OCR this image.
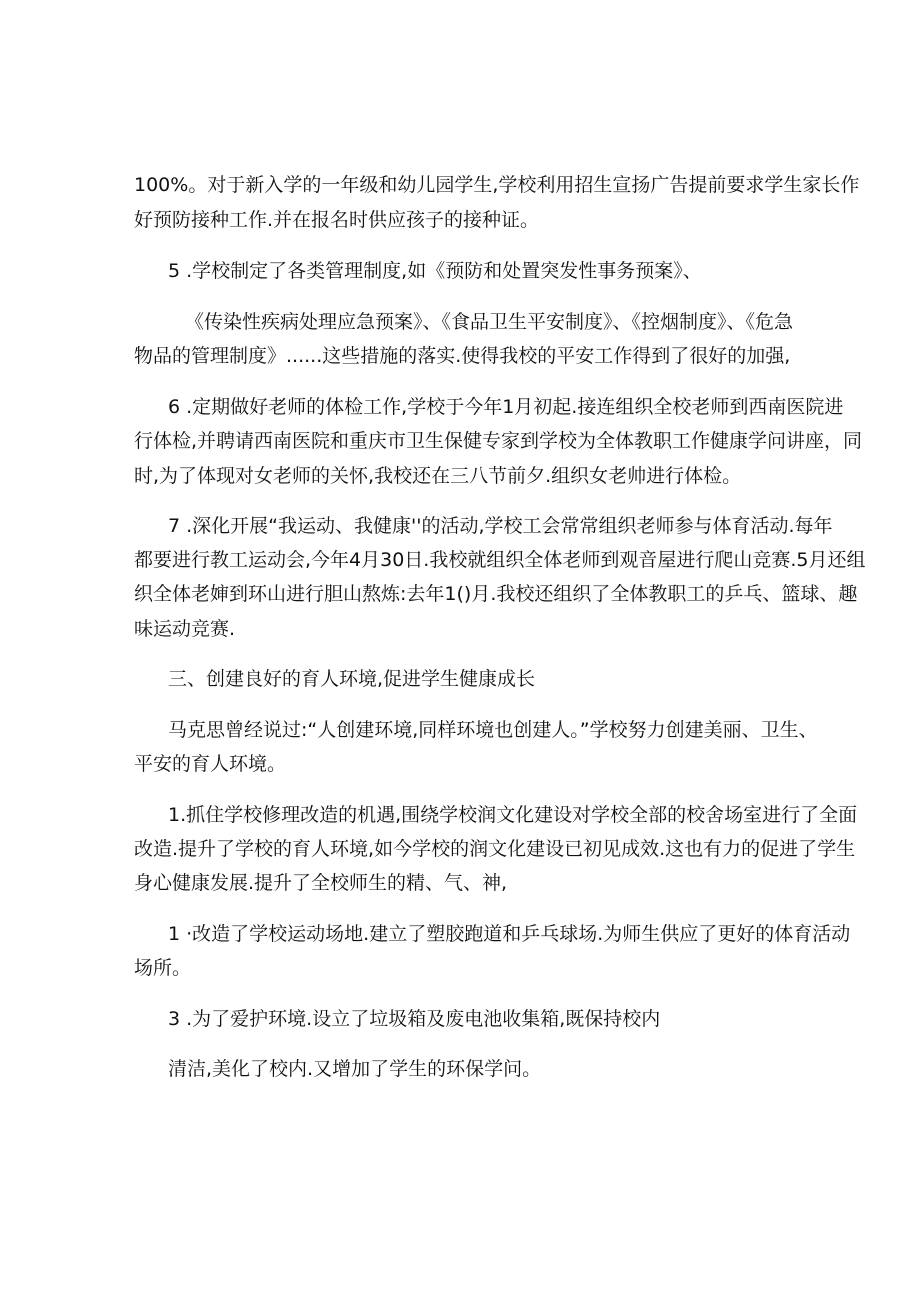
100%。对于新入学的一年级和幼儿园学生,学校利用招生宣扬广告提前要求学生家长作
好预防接种工作.并在报名时供应孩子的接种证。
5 .学校制定了各类管理制度,如《预防和处置突发性事务预案》、
《传染性疾病处理应急预案》、《食品卫生平安制度》、《控烟制度》、《危急
物品的管理制度》......这些措施的落实.使得我校的平安工作得到了很好的加强,
6 .定期做好老师的体检工作,学校于今年1月初起.接连组织全校老师到西南医院进
行体检,并聘请西南医院和重庆市卫生保健专家到学校为全体教职工作健康学问讲座，同
时,为了体现对女老师的关怀,我校还在三八节前夕.组织女老帅进行体检。
7 .深化开展“我运动、我健康''的活动,学校工会常常组织老师参与体育活动.每年
都要进行教工运动会,今年4月30日.我校就组织全体老师到观音屋进行爬山竞赛.5月还组
织全体老婶到环山进行胆山熬炼:去年1()月.我校还组织了全体教职工的乒乓、篮球、趣
味运动竞赛.
三、创建良好的育人环境,促进学生健康成长
马克思曾经说过:“人创建环境,同样环境也创建人。”学校努力创建美丽、卫生、
平安的育人环境。
1.抓住学校修理改造的机遇,围绕学校润文化建设对学校全部的校舍场室进行了全面
改造.提升了学校的育人环境,如今学校的润文化建设已初见成效.这也有力的促进了学生
身心健康发展.提升了全校师生的精、气、神,
1 ·改造了学校运动场地.建立了塑胶跑道和乒乓球场.为师生供应了更好的体育活动
场所。
3 .为了爱护环境.设立了垃圾箱及废电池收集箱,既保持校内
清洁,美化了校内.又增加了学生的环保学问。
